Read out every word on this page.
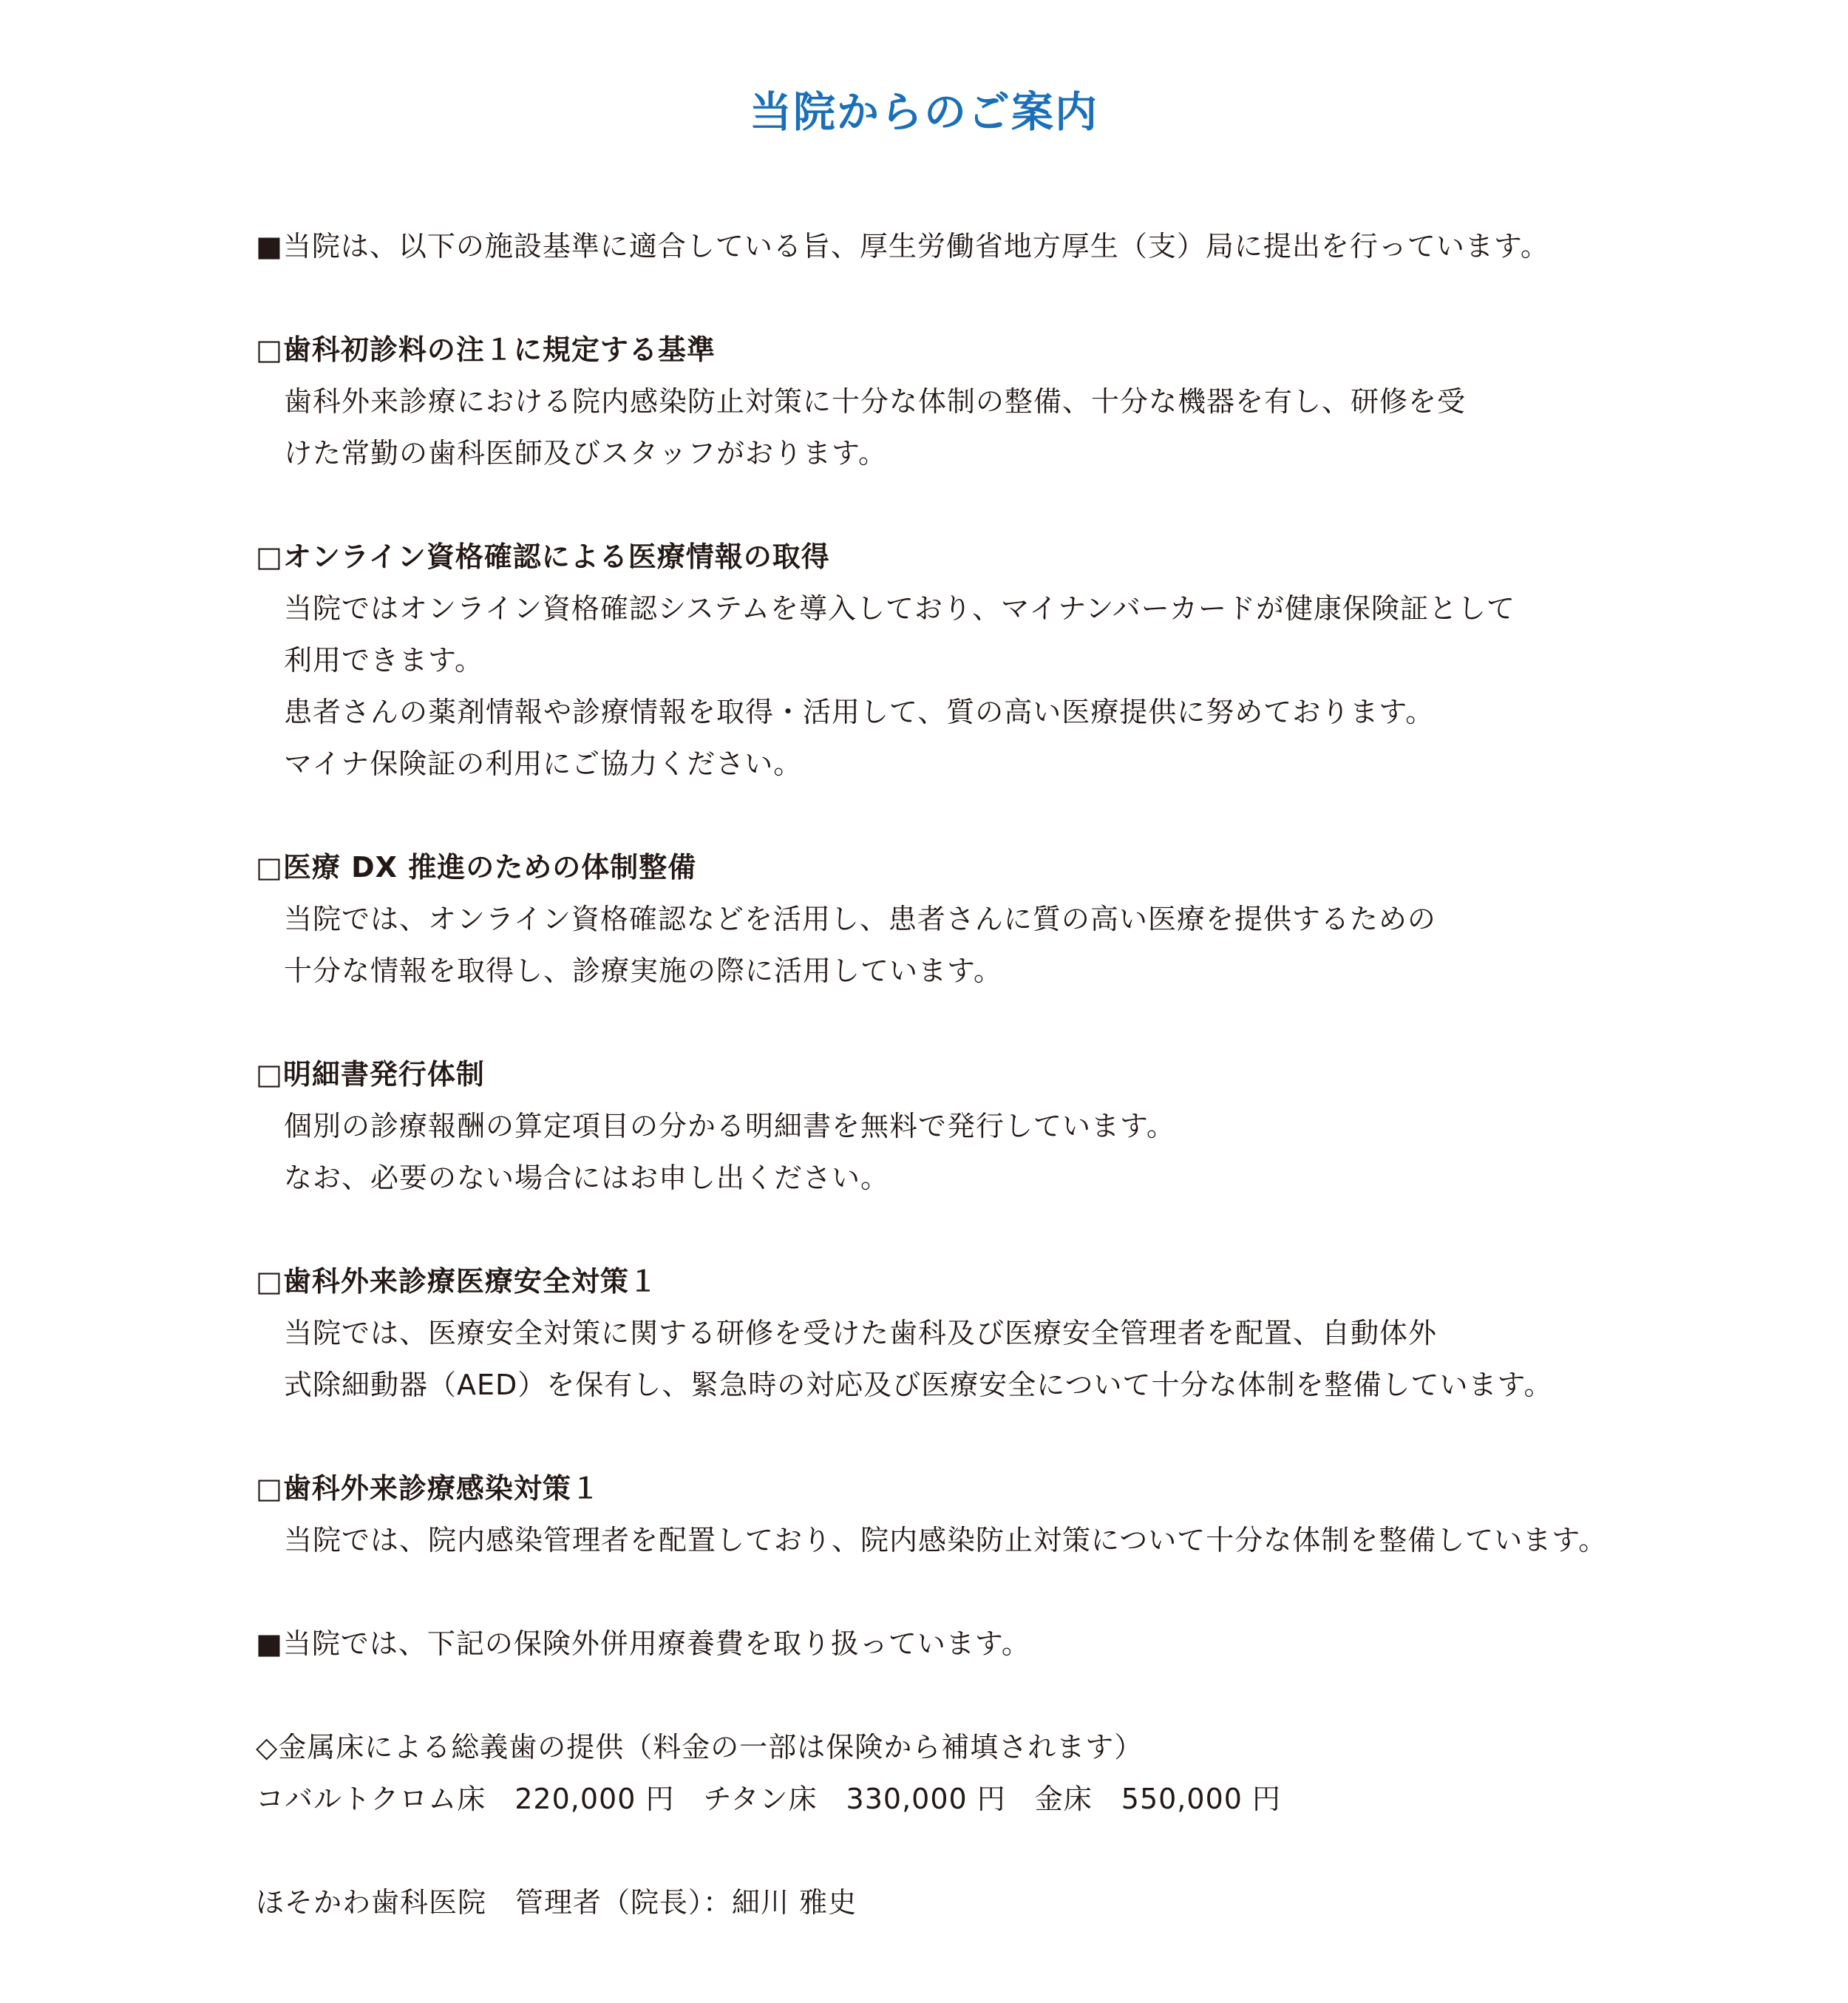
当院からのご案内
■当院は、以下の施設基準に適合している旨、厚生労働省地方厚生（支）局に提出を行っています。
□歯科初診料の注１に規定する基準
歯科外来診療における院内感染防止対策に十分な体制の整備、十分な機器を有し、研修を受
けた常勤の歯科医師及びスタッフがおります。
□オンライン資格確認による医療情報の取得
当院ではオンライン資格確認システムを導入しており、マイナンバーカードが健康保険証として
利用できます。
患者さんの薬剤情報や診療情報を取得・活用して、質の高い医療提供に努めております。
マイナ保険証の利用にご協力ください。
□医療 DX 推進のための体制整備
当院では、オンライン資格確認などを活用し、患者さんに質の高い医療を提供するための
十分な情報を取得し、診療実施の際に活用しています。
□明細書発行体制
個別の診療報酬の算定項目の分かる明細書を無料で発行しています。
なお、必要のない場合にはお申し出ください。
□歯科外来診療医療安全対策１
当院では、医療安全対策に関する研修を受けた歯科及び医療安全管理者を配置、自動体外
式除細動器（AED）を保有し、緊急時の対応及び医療安全について十分な体制を整備しています。
□歯科外来診療感染対策１
当院では、院内感染管理者を配置しており、院内感染防止対策について十分な体制を整備しています。
■当院では、下記の保険外併用療養費を取り扱っています。
◇金属床による総義歯の提供（料金の一部は保険から補填されます）
コバルトクロム床　220,000 円　チタン床　330,000 円　金床　550,000 円
ほそかわ歯科医院　管理者（院長）：細川 雅史
